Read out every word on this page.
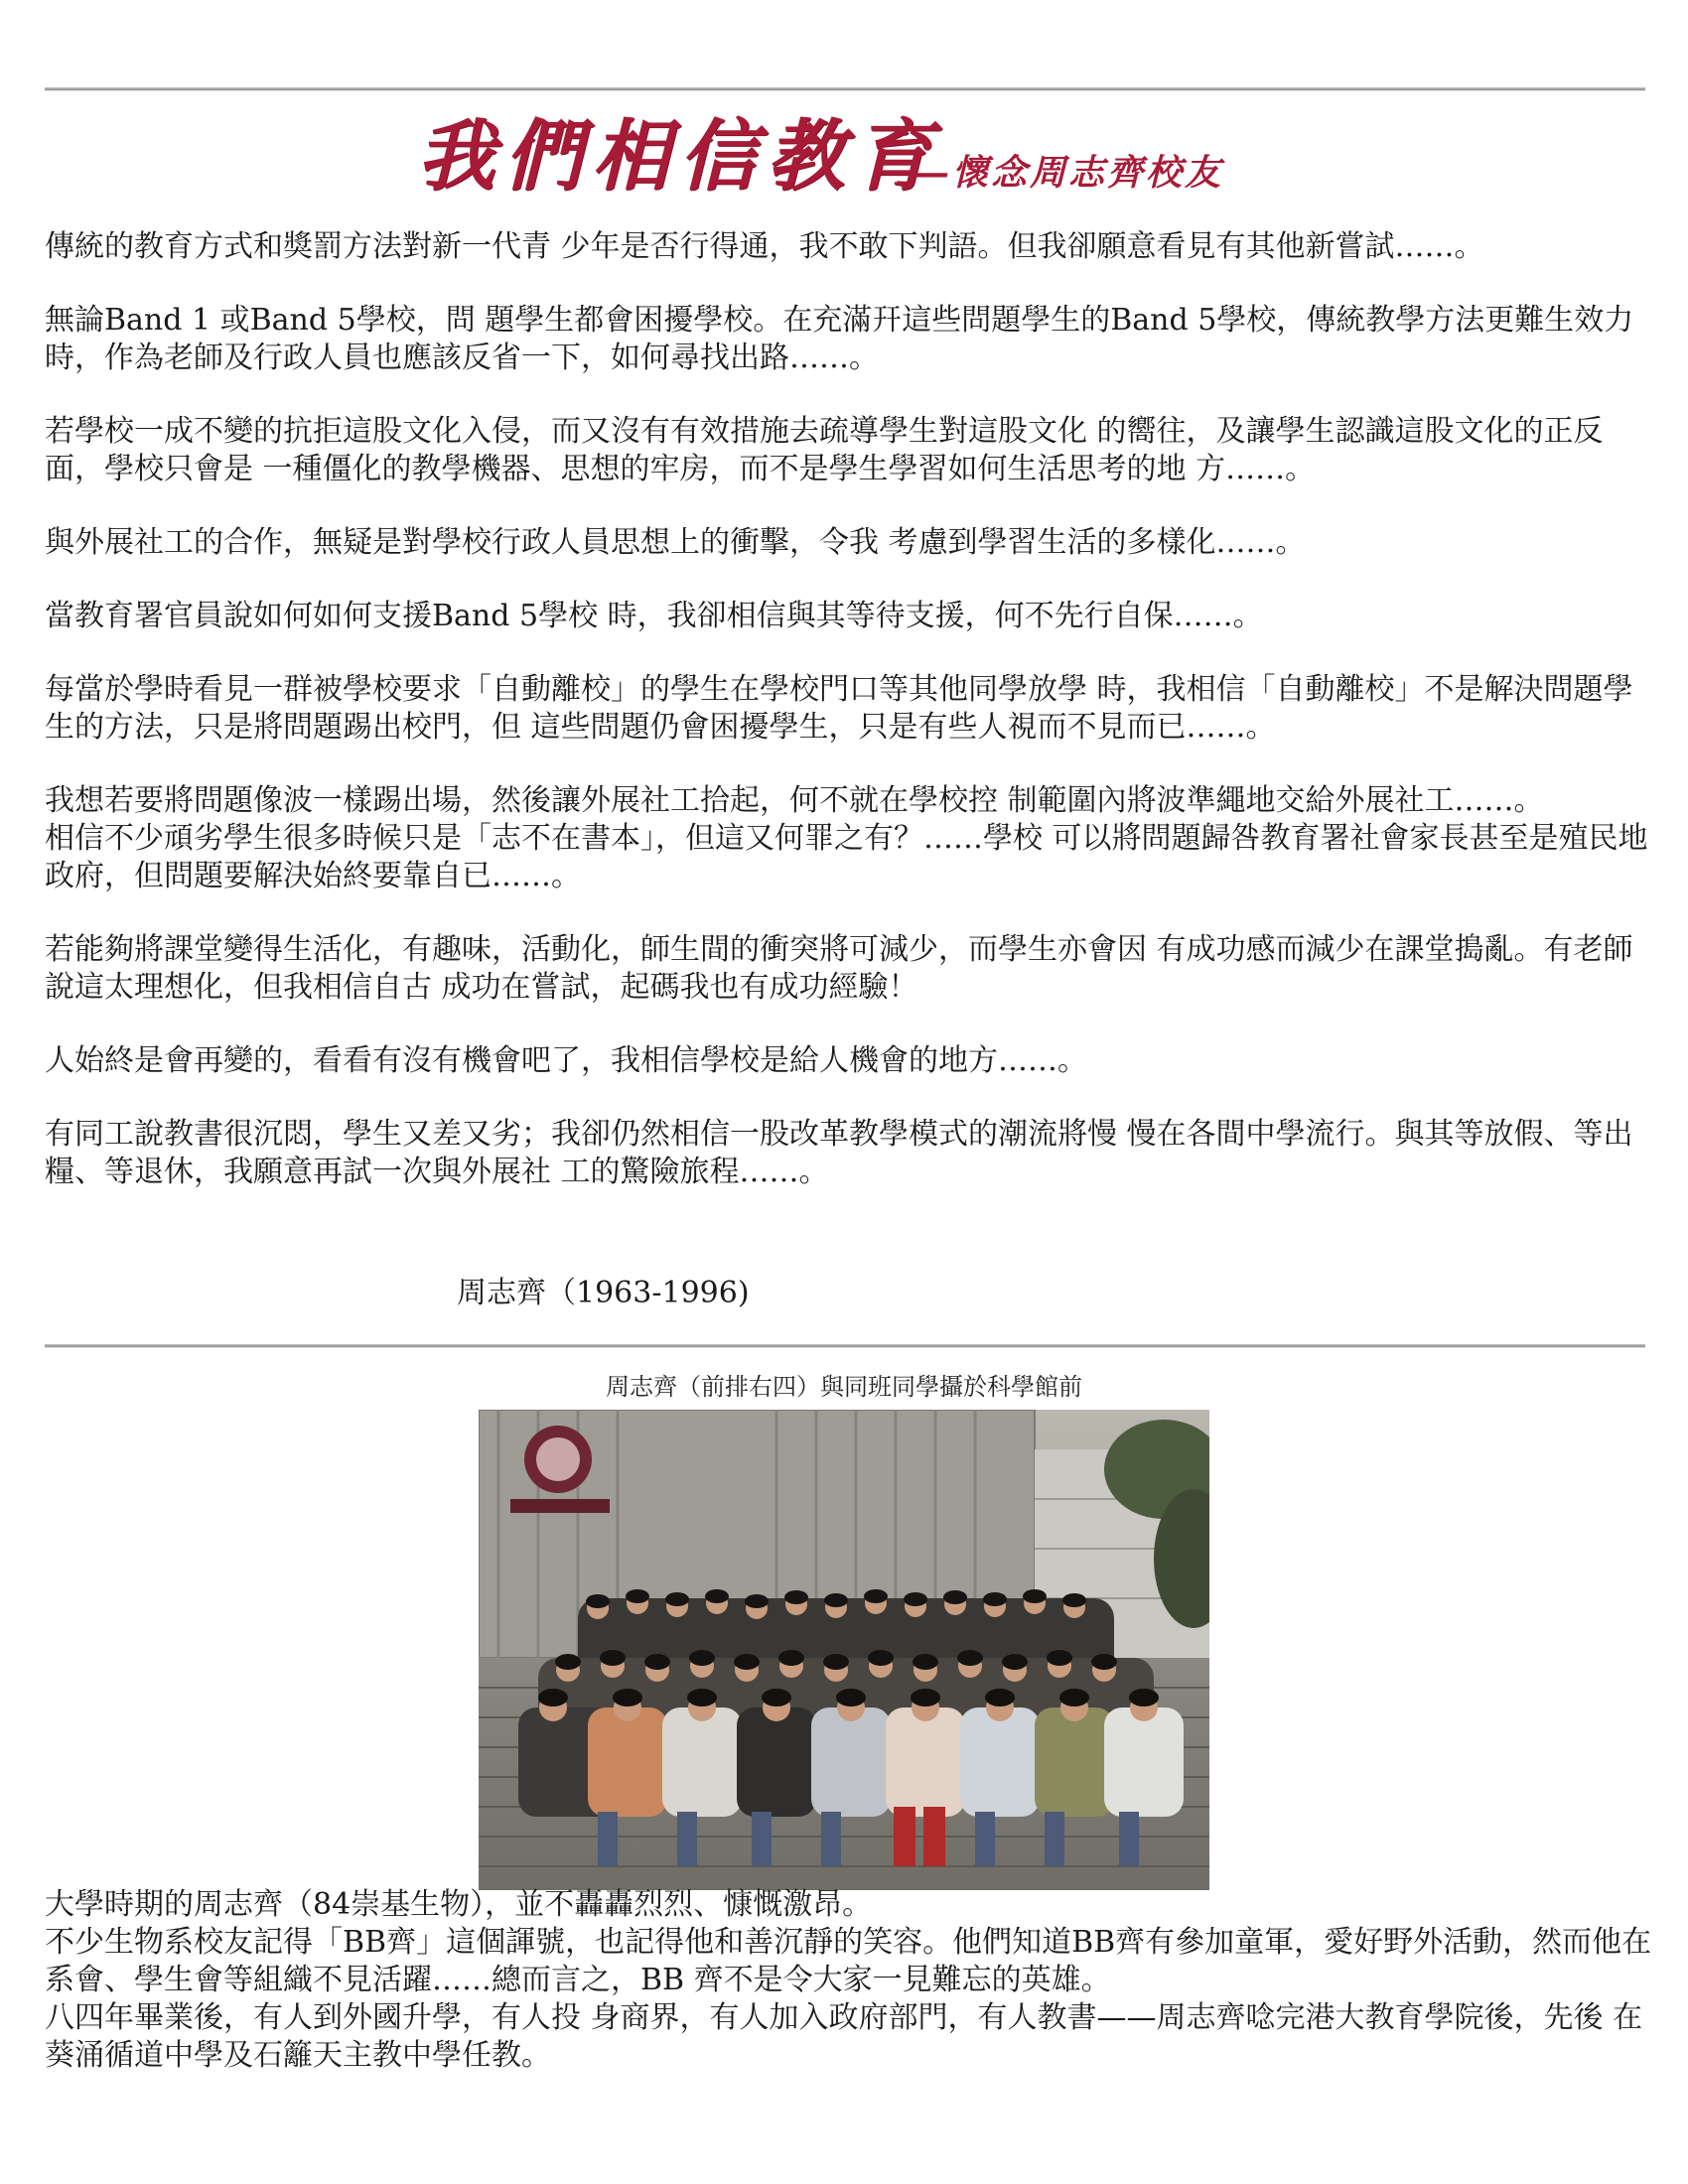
我們相信教育
—懷念周志齊校友

傳統的教育方式和獎罰方法對新一代青 少年是否行得通，我不敢下判語。但我卻願意看見有其他新嘗試……。

無論Band 1 或Band 5學校，問 題學生都會困擾學校。在充滿幵這些問題學生的Band 5學校，傳統教學方法更難生效力時，作為老師及行政人員也應該反省一下，如何尋找出路……。

若學校一成不變的抗拒這股文化入侵，而又沒有有效措施去疏導學生對這股文化 的嚮往，及讓學生認識這股文化的正反面，學校只會是 一種僵化的教學機器、思想的牢房，而不是學生學習如何生活思考的地 方……。

與外展社工的合作，無疑是對學校行政人員思想上的衝擊，令我 考慮到學習生活的多樣化……。

當教育署官員說如何如何支援Band 5學校 時，我卻相信與其等待支援，何不先行自保……。

每當於學時看見一群被學校要求「自動離校」的學生在學校門口等其他同學放學 時，我相信「自動離校」不是解決問題學生的方法，只是將問題踢出校門，但 這些問題仍會困擾學生，只是有些人視而不見而已……。

我想若要將問題像波一樣踢出場，然後讓外展社工拾起，何不就在學校控 制範圍內將波準繩地交給外展社工……。

相信不少頑劣學生很多時候只是「志不在書本」，但這又何罪之有？……學校 可以將問題歸咎教育署社會家長甚至是殖民地政府，但問題要解決始終要靠自已……。

若能夠將課堂變得生活化，有趣味，活動化，師生間的衝突將可減少，而學生亦會因 有成功感而減少在課堂搗亂。有老師說這太理想化，但我相信自古 成功在嘗試，起碼我也有成功經驗！

人始終是會再變的，看看有沒有機會吧了，我相信學校是給人機會的地方……。

有同工說教書很沉悶，學生又差又劣；我卻仍然相信一股改革教學模式的潮流將慢 慢在各間中學流行。與其等放假、等出糧、等退休，我願意再試一次與外展社 工的驚險旅程……。

周志齊（1963-1996)
周志齊（前排右四）與同班同學攝於科學館前

大學時期的周志齊（84崇基生物），並不轟轟烈烈、慷慨激昂。

不少生物系校友記得「BB齊」這個諢號，也記得他和善沉靜的笑容。他們知道BB齊有參加童軍，愛好野外活動，然而他在系會、學生會等組織不見活躍……總而言之，BB 齊不是令大家一見難忘的英雄。

八四年畢業後，有人到外國升學，有人投 身商界，有人加入政府部門，有人教書——周志齊唸完港大教育學院後，先後 在葵涌循道中學及石籬天主教中學任教。
